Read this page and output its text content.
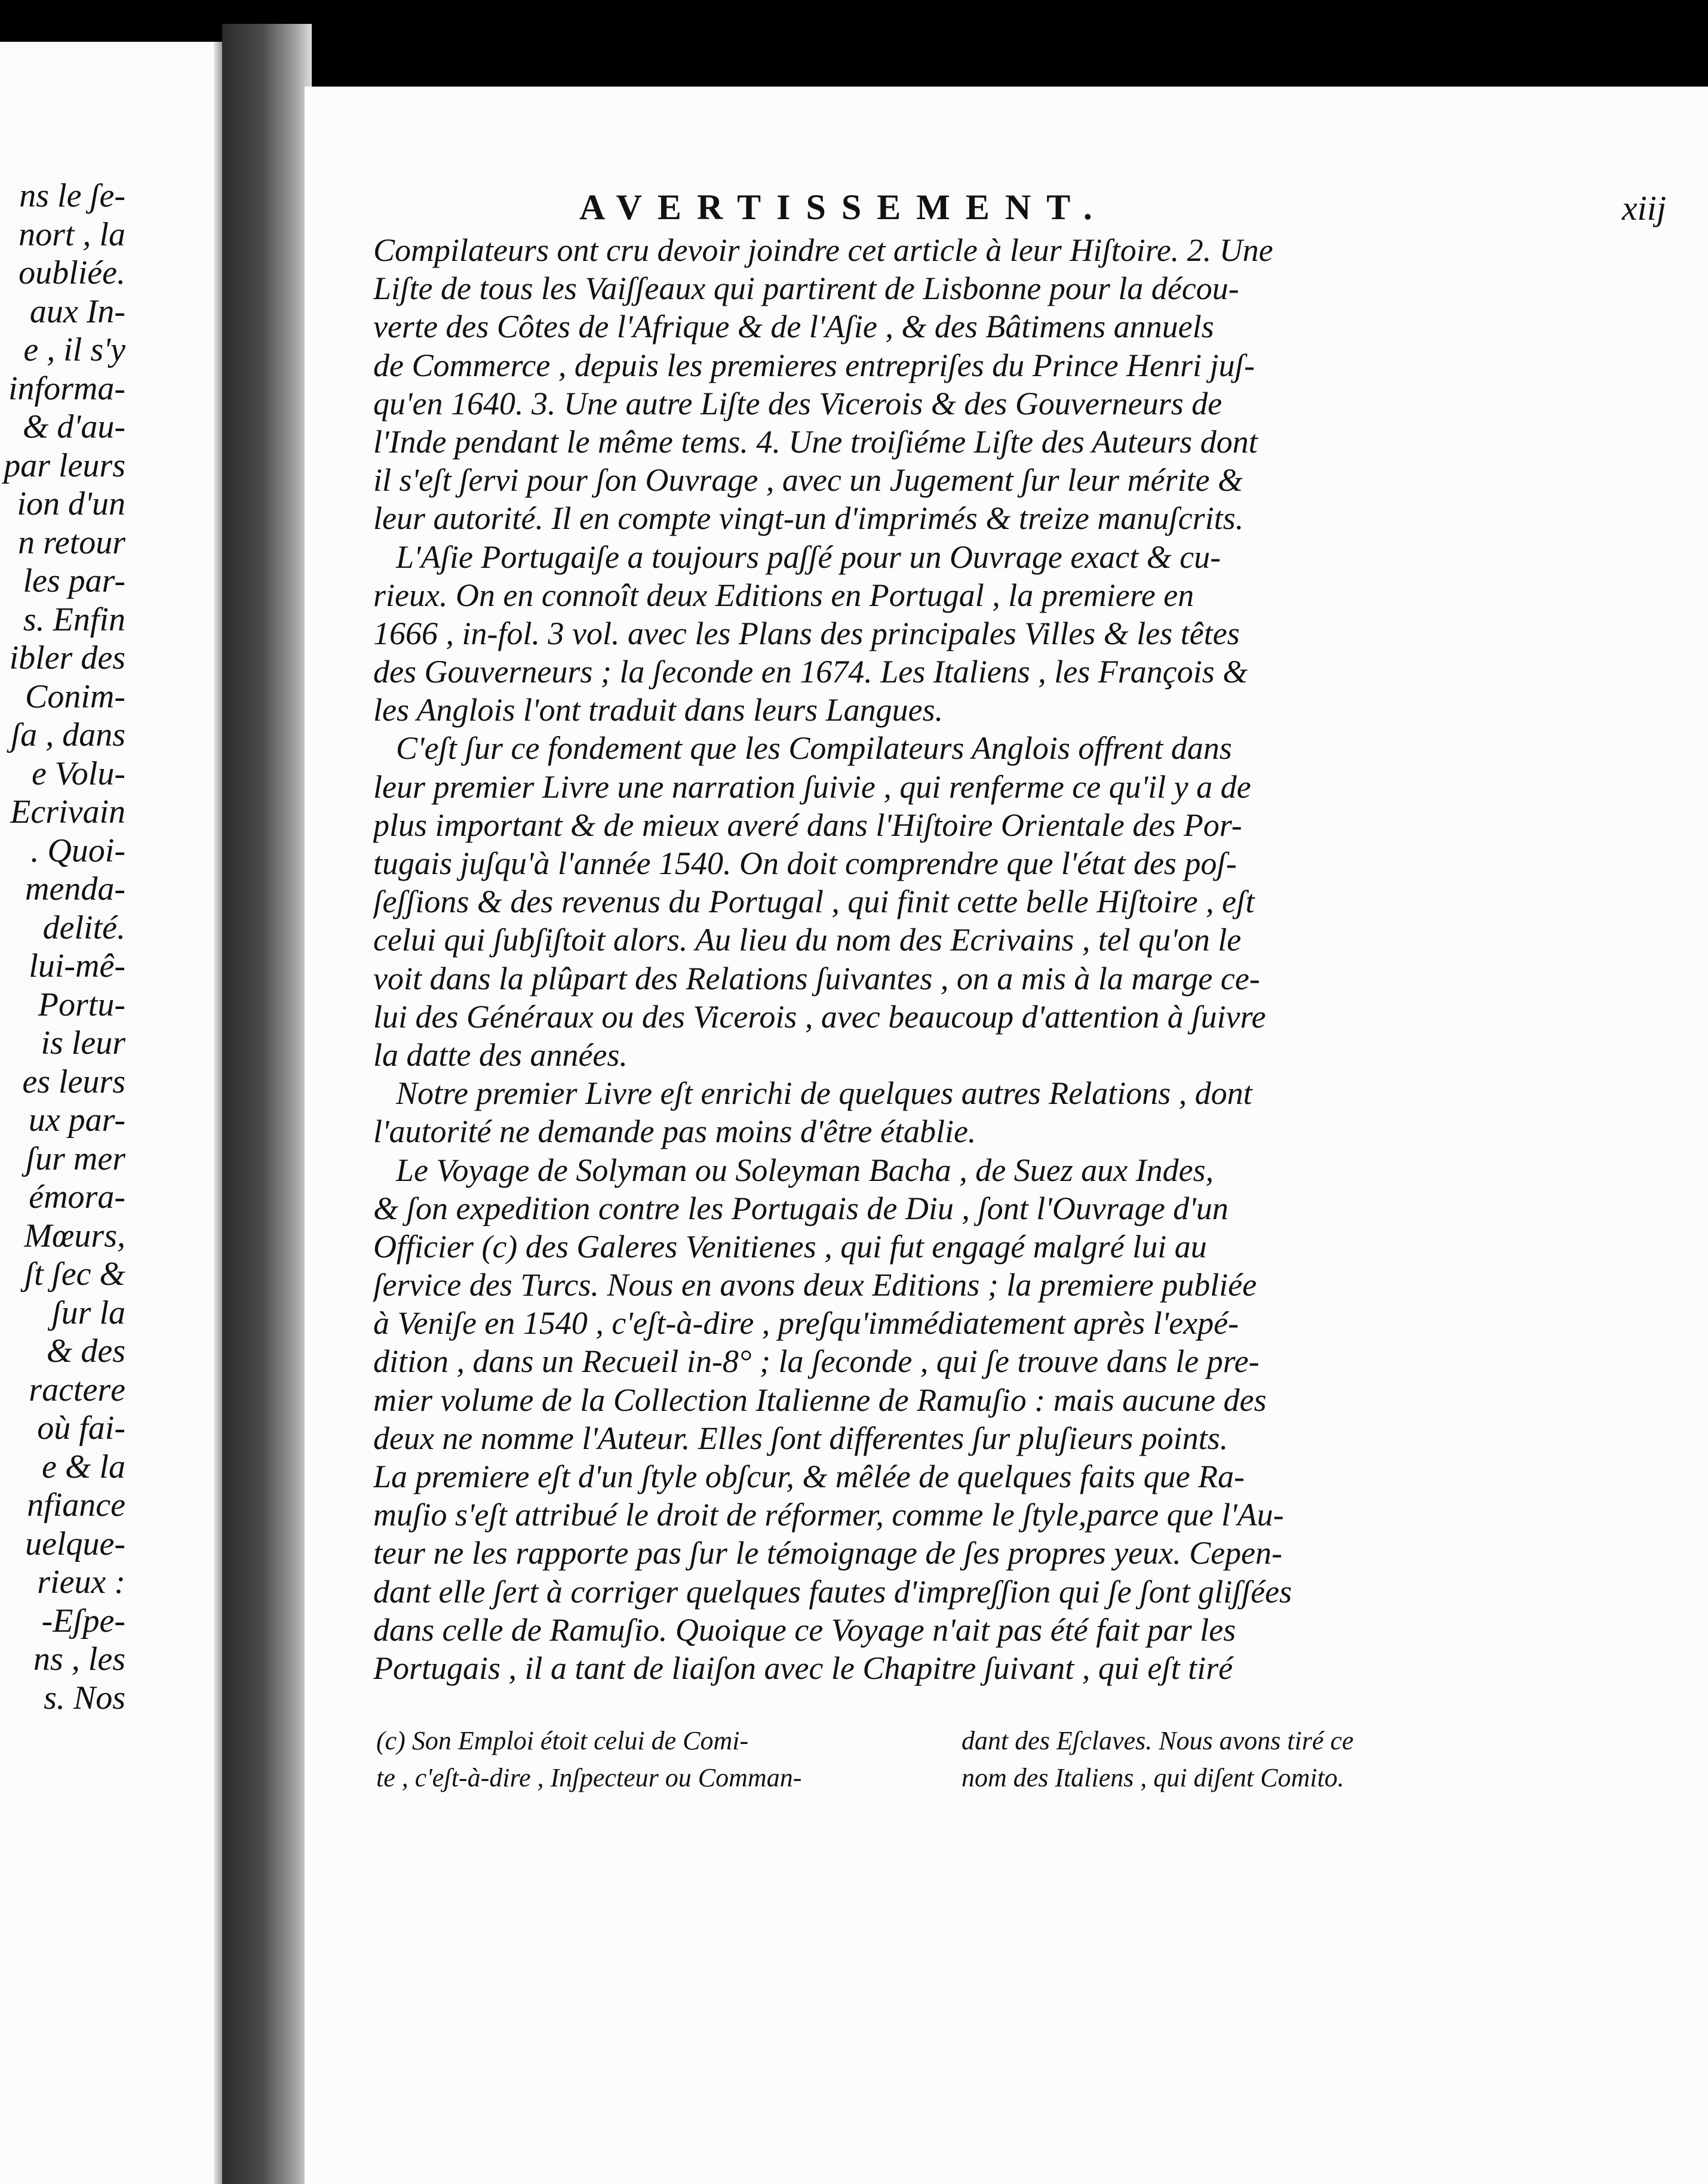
ns le ʃe-
nort , la
oubliée.
aux In-
e , il s'y
informa-
& d'au-
par leurs
ion d'un
n retour
les par-
s. Enfin
ibler des
Conim-
ʃa , dans
e Volu-
Ecrivain
. Quoi-
menda-
delité.
lui-mê-
Portu-
is leur
es leurs
ux par-
ʃur mer
émora-
Mœurs,
ʃt ʃec &
ʃur la
& des
racterе
où fai-
e & la
nfiance
uelque-
rieux :
-Eʃpe-
ns , les
s. Nos
AVERTISSEMENT.	xiij
Compilateurs ont cru devoir joindre cet article à leur Hiʃtoire. 2. Une
Liʃte de tous les Vaiʃʃeaux qui partirent de Lisbonne pour la décou-
verte des Côtes de l'Afrique & de l'Aʃie , & des Bâtimens annuels
de Commerce , depuis les premieres entrepriʃes du Prince Henri juʃ-
qu'en 1640. 3. Une autre Liʃte des Vicerois & des Gouverneurs de
l'Inde pendant le même tems. 4. Une troiʃiéme Liʃte des Auteurs dont
il s'eʃt ʃervi pour ʃon Ouvrage , avec un Jugement ʃur leur mérite &
leur autorité. Il en compte vingt-un d'imprimés & treize manuʃcrits.
L'Aʃie Portugaiʃe a toujours paʃʃé pour un Ouvrage exact & cu-
rieux. On en connoît deux Editions en Portugal , la premiere en
1666 , in-fol. 3 vol. avec les Plans des principales Villes & les têtes
des Gouverneurs ; la ʃeconde en 1674. Les Italiens , les François &
les Anglois l'ont traduit dans leurs Langues.
C'eʃt ʃur ce fondement que les Compilateurs Anglois offrent dans
leur premier Livre une narration ʃuivie , qui renferme ce qu'il y a de
plus important & de mieux averé dans l'Hiʃtoire Orientale des Por-
tugais juʃqu'à l'année 1540. On doit comprendre que l'état des poʃ-
ʃeʃʃions & des revenus du Portugal , qui finit cette belle Hiʃtoire , eʃt
celui qui ʃubʃiʃtoit alors. Au lieu du nom des Ecrivains , tel qu'on le
voit dans la plûpart des Relations ʃuivantes , on a mis à la marge ce-
lui des Généraux ou des Vicerois , avec beaucoup d'attention à ʃuivre
la datte des années.
Notre premier Livre eʃt enrichi de quelques autres Relations , dont
l'autorité ne demande pas moins d'être établie.
Le Voyage de Solyman ou Soleyman Bacha , de Suez aux Indes,
& ʃon expedition contre les Portugais de Diu , ʃont l'Ouvrage d'un
Officier (c) des Galeres Venitienes , qui fut engagé malgré lui au
ʃervice des Turcs. Nous en avons deux Editions ; la premiere publiée
à Veniʃe en 1540 , c'eʃt-à-dire , preʃqu'immédiatement après l'expé-
dition , dans un Recueil in-8° ; la ʃeconde , qui ʃe trouve dans le pre-
mier volume de la Collection Italienne de Ramuʃio : mais aucune des
deux ne nomme l'Auteur. Elles ʃont differentes ʃur pluʃieurs points.
La premiere eʃt d'un ʃtyle obʃcur, & mêlée de quelques faits que Ra-
muʃio s'eʃt attribué le droit de réformer, comme le ʃtyle,parce que l'Au-
teur ne les rapporte pas ʃur le témoignage de ʃes propres yeux. Cepen-
dant elle ʃert à corriger quelques fautes d'impreʃʃion qui ʃe ʃont gliʃʃées
dans celle de Ramuʃio. Quoique ce Voyage n'ait pas été fait par les
Portugais , il a tant de liaiʃon avec le Chapitre ʃuivant , qui eʃt tiré
(c) Son Emploi étoit celui de Comi-
te , c'eʃt-à-dire , Inʃpecteur ou Comman-
dant des Eʃclaves. Nous avons tiré ce
nom des Italiens , qui diʃent Comito.
